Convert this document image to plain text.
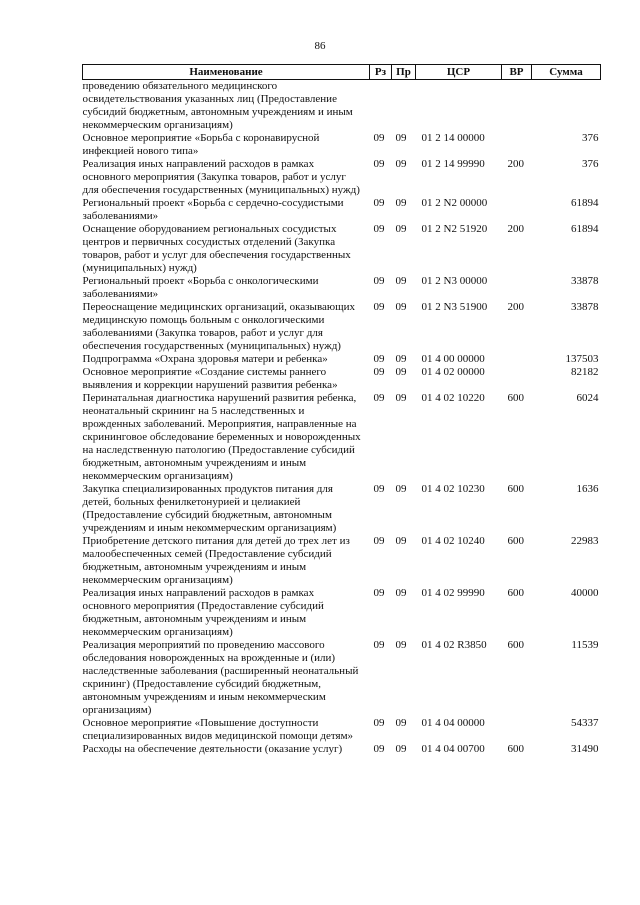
86
Наименование	Рз	Пр	ЦСР	ВР	Сумма
проведению обязательного медицинского освидетельствования указанных лиц (Предоставление субсидий бюджетным, автономным учреждениям и иным некоммерческим организациям)					
Основное мероприятие «Борьба с коронавирусной инфекцией нового типа»	09	09	01 2 14 00000		376
Реализация иных направлений расходов в рамках основного мероприятия (Закупка товаров, работ и услуг для обеспечения государственных (муниципальных) нужд)	09	09	01 2 14 99990	200	376
Региональный проект «Борьба с сердечно-сосудистыми заболеваниями»	09	09	01 2 N2 00000		61894
Оснащение оборудованием региональных сосудистых центров и первичных сосудистых отделений (Закупка товаров, работ и услуг для обеспечения государственных (муниципальных) нужд)	09	09	01 2 N2 51920	200	61894
Региональный проект «Борьба с онкологическими заболеваниями»	09	09	01 2 N3 00000		33878
Переоснащение медицинских организаций, оказывающих медицинскую помощь больным с онкологическими заболеваниями (Закупка товаров, работ и услуг для обеспечения государственных (муниципальных) нужд)	09	09	01 2 N3 51900	200	33878
Подпрограмма «Охрана здоровья матери и ребенка»	09	09	01 4 00 00000		137503
Основное мероприятие «Создание системы раннего выявления и коррекции нарушений развития ребенка»	09	09	01 4 02 00000		82182
Перинатальная диагностика нарушений развития ребенка, неонатальный скрининг на 5 наследственных и врожденных заболеваний. Мероприятия, направленные на скрининговое обследование беременных и новорожденных на наследственную патологию (Предоставление субсидий бюджетным, автономным учреждениям и иным некоммерческим организациям)	09	09	01 4 02 10220	600	6024
Закупка специализированных продуктов питания для детей, больных фенилкетонурией и целиакией (Предоставление субсидий бюджетным, автономным учреждениям и иным некоммерческим организациям)	09	09	01 4 02 10230	600	1636
Приобретение детского питания для детей до трех лет из малообеспеченных семей (Предоставление субсидий бюджетным, автономным учреждениям и иным некоммерческим организациям)	09	09	01 4 02 10240	600	22983
Реализация иных направлений расходов в рамках основного мероприятия (Предоставление субсидий бюджетным, автономным учреждениям и иным некоммерческим организациям)	09	09	01 4 02 99990	600	40000
Реализация мероприятий по проведению массового обследования новорожденных на врожденные и (или) наследственные заболевания (расширенный неонатальный скрининг) (Предоставление субсидий бюджетным, автономным учреждениям и иным некоммерческим организациям)	09	09	01 4 02 R3850	600	11539
Основное мероприятие «Повышение доступности специализированных видов медицинской помощи детям»	09	09	01 4 04 00000		54337
Расходы на обеспечение деятельности (оказание услуг)	09	09	01 4 04 00700	600	31490
